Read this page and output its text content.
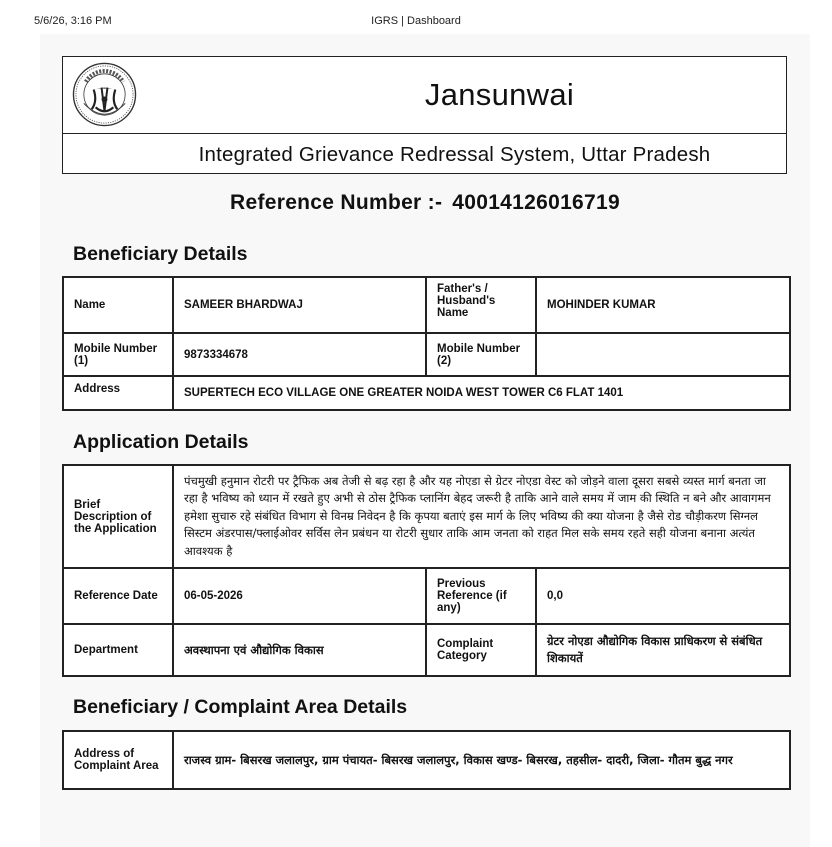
5/6/26, 3:16 PM	IGRS | Dashboard
Jansunwai
Integrated Grievance Redressal System, Uttar Pradesh
Reference Number :- 40014126016719
Beneficiary Details
Name	SAMEER BHARDWAJ	Father's / Husband's Name	MOHINDER KUMAR
Mobile Number (1)	9873334678	Mobile Number (2)	
Address	SUPERTECH ECO VILLAGE ONE GREATER NOIDA WEST TOWER C6 FLAT 1401		
Application Details
Brief Description of the Application	पंचमुखी हनुमान रोटरी पर ट्रैफिक अब तेजी से बढ़ रहा है और यह नोएडा से ग्रेटर नोएडा वेस्ट को जोड़ने वाला दूसरा सबसे व्यस्त मार्ग बनता जा रहा है भविष्य को ध्यान में रखते हुए अभी से ठोस ट्रैफिक प्लानिंग बेहद जरूरी है ताकि आने वाले समय में जाम की स्थिति न बने और आवागमन हमेशा सुचारु रहे संबंधित विभाग से विनम्र निवेदन है कि कृपया बताएं इस मार्ग के लिए भविष्य की क्या योजना है जैसे रोड चौड़ीकरण सिग्नल सिस्टम अंडरपास/फ्लाईओवर सर्विस लेन प्रबंधन या रोटरी सुधार ताकि आम जनता को राहत मिल सके समय रहते सही योजना बनाना अत्यंत आवश्यक है		
Reference Date	06-05-2026	Previous Reference (if any)	0,0
Department	अवस्थापना एवं औद्योगिक विकास	Complaint Category	ग्रेटर नोएडा औद्योगिक विकास प्राधिकरण से संबंधित शिकायतें
Beneficiary / Complaint Area Details
Address of Complaint Area	राजस्व ग्राम- बिसरख जलालपुर, ग्राम पंचायत- बिसरख जलालपुर, विकास खण्ड- बिसरख, तहसील- दादरी, जिला- गौतम बुद्ध नगर
